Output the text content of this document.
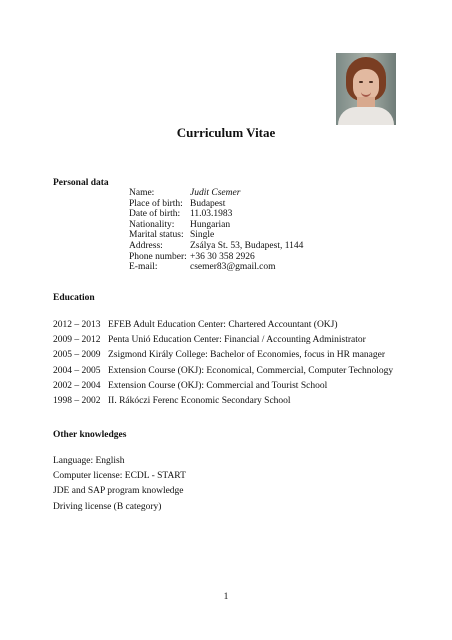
Curriculum Vitae
Personal data
Name:	Judit Csemer
Place of birth: Budapest
Date of birth: 11.03.1983
Nationality: Hungarian
Marital status: Single
Address:	Zsálya St. 53, Budapest, 1144
Phone number: +36 30 358 2926
E-mail:	csemer83@gmail.com
Education
2012 – 2013 EFEB Adult Education Center: Chartered Accountant (OKJ)
2009 – 2012 Penta Unió Education Center: Financial / Accounting Administrator
2005 – 2009 Zsigmond Király College: Bachelor of Economies, focus in HR manager
2004 – 2005 Extension Course (OKJ): Economical, Commercial, Computer Technology
2002 – 2004 Extension Course (OKJ): Commercial and Tourist School
1998 – 2002 II. Rákóczi Ferenc Economic Secondary School
Other knowledges
Language: English
Computer license: ECDL - START
JDE and SAP program knowledge
Driving license (B category)
1
